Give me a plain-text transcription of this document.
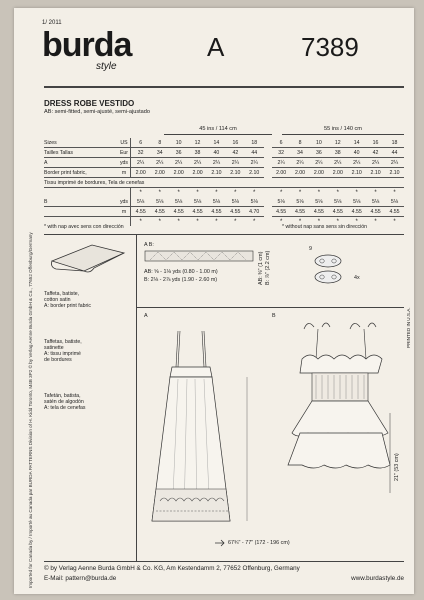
Imported for Canada by / Importé au Canada par BURDA PATTERNS Division of H. Kidd Toronto, M4B 3P2 © by Verlag Aenne Burda GmbH & Co., 77652 Offenburg/Germany	PRINTED IN U.S.A.
1/ 2011
burda
style
A	7389
DRESS ROBE VESTIDO
AB: semi-fitted, semi-ajusté, semi-ajustado
45 ins / 114 cm	55 ins / 140 cm
Sizes	US	6	8	10	12	14	16	18		6	8	10	12	14	16	18
Tailles Tallas	Eur	32	34	36	38	40	42	44		32	34	36	38	40	42	44
A	yds	2¼	2¼	2¼	2¼	2¼	2¼	2¼		2¼	2¼	2¼	2¼	2¼	2¼	2¼
Border print fabric,	m	2.00	2.00	2.00	2.00	2.10	2.10	2.10		2.00	2.00	2.00	2.00	2.10	2.10	2.10
Tissu imprimé de bordures, Tela de cenefas																
		*	*	*	*	*	*	*		*	*	*	*	*	*	*
B	yds	5⅛	5⅛	5⅛	5⅛	5⅛	5⅛	5⅛		5⅛	5⅛	5⅛	5⅛	5⅛	5⅛	5⅛
	m	4.55	4.55	4.55	4.55	4.55	4.55	4.70		4.55	4.55	4.55	4.55	4.55	4.55	4.55
		*	*	*	*	*	*	*		*	*	*	*	*	*	*
* with nap avec sens con dirección	* without nap sans sens sin dirección
Taffeta, batiste,
cotton satin
A: border print fabric
Taffetas, batiste,
satinette
A: tissu imprimé
de bordures
Tafetán, batista,
satén de algodón
A: tela de cenefas
A B:
AB: ⅝ - 1⅛ yds (0.80 - 1.00 m)
B: 2⅛ - 2⅞ yds (1.90 - 2.60 m)	AB: ⅜" (1 cm) B: ⅞" (2.2 cm)
9
4x
A	B
21" (53 cm)
67¾" - 77" (172 - 196 cm)
© by Verlag Aenne Burda GmbH & Co. KG, Am Kestendamm 2, 77652 Offenburg, Germany
E-Mail: pattern@burda.de	www.burdastyle.de
